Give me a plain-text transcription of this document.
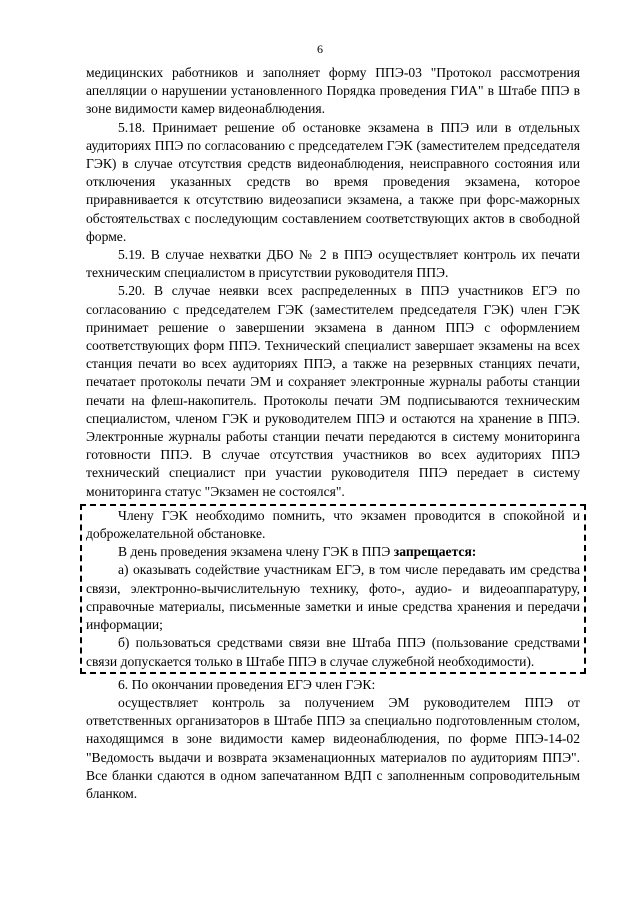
6

медицинских работников и заполняет форму ППЭ-03 "Протокол рассмотрения апелляции о нарушении установленного Порядка проведения ГИА" в Штабе ППЭ в зоне видимости камер видеонаблюдения.

5.18. Принимает решение об остановке экзамена в ППЭ или в отдельных аудиториях ППЭ по согласованию с председателем ГЭК (заместителем председателя ГЭК) в случае отсутствия средств видеонаблюдения, неисправного состояния или отключения указанных средств во время проведения экзамена, которое приравнивается к отсутствию видеозаписи экзамена, а также при форс-мажорных обстоятельствах с последующим составлением соответствующих актов в свободной форме.

5.19. В случае нехватки ДБО № 2 в ППЭ осуществляет контроль их печати техническим специалистом в присутствии руководителя ППЭ.

5.20. В случае неявки всех распределенных в ППЭ участников ЕГЭ по согласованию с председателем ГЭК (заместителем председателя ГЭК) член ГЭК принимает решение о завершении экзамена в данном ППЭ с оформлением соответствующих форм ППЭ. Технический специалист завершает экзамены на всех станция печати во всех аудиториях ППЭ, а также на резервных станциях печати, печатает протоколы печати ЭМ и сохраняет электронные журналы работы станции печати на флеш-накопитель. Протоколы печати ЭМ подписываются техническим специалистом, членом ГЭК и руководителем ППЭ и остаются на хранение в ППЭ. Электронные журналы работы станции печати передаются в систему мониторинга готовности ППЭ. В случае отсутствия участников во всех аудиториях ППЭ технический специалист при участии руководителя ППЭ передает в систему мониторинга статус "Экзамен не состоялся".

Члену ГЭК необходимо помнить, что экзамен проводится в спокойной и доброжелательной обстановке.

В день проведения экзамена члену ГЭК в ППЭ запрещается:

а) оказывать содействие участникам ЕГЭ, в том числе передавать им средства связи, электронно-вычислительную технику, фото-, аудио- и видеоаппаратуру, справочные материалы, письменные заметки и иные средства хранения и передачи информации;

б) пользоваться средствами связи вне Штаба ППЭ (пользование средствами связи допускается только в Штабе ППЭ в случае служебной необходимости).

6. По окончании проведения ЕГЭ член ГЭК:

осуществляет контроль за получением ЭМ руководителем ППЭ от ответственных организаторов в Штабе ППЭ за специально подготовленным столом, находящимся в зоне видимости камер видеонаблюдения, по форме ППЭ-14-02 "Ведомость выдачи и возврата экзаменационных материалов по аудиториям ППЭ". Все бланки сдаются в одном запечатанном ВДП с заполненным сопроводительным бланком.
